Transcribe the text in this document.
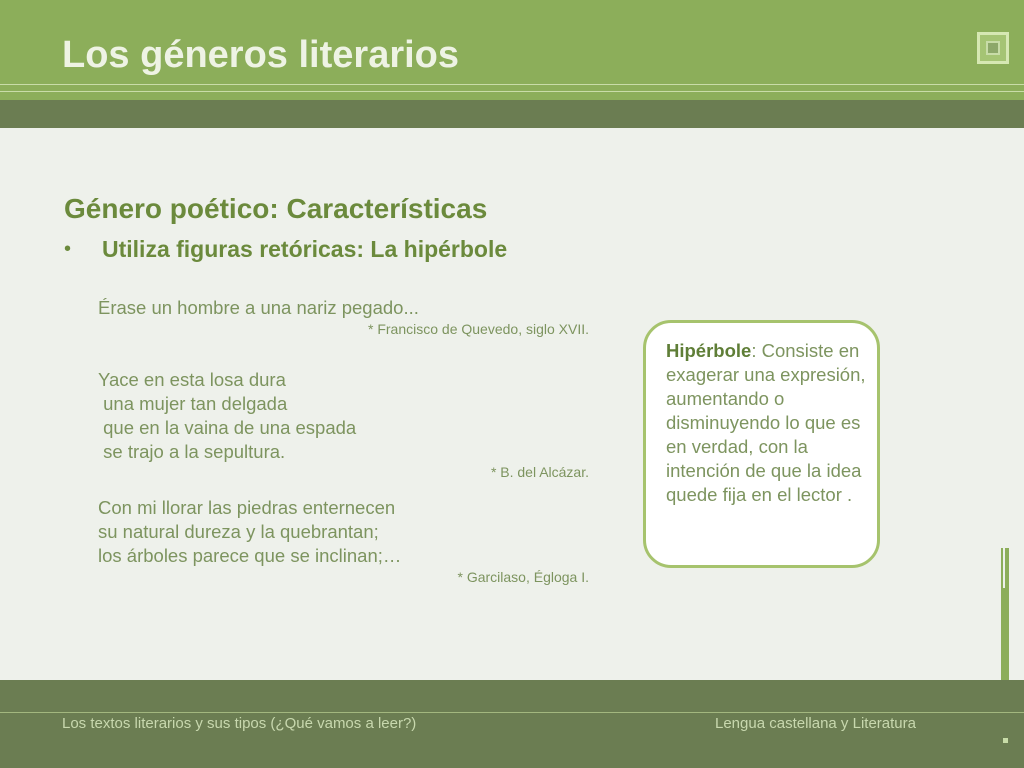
Los géneros literarios
Género poético: Características
• Utiliza figuras retóricas: La hipérbole
Érase un hombre a una nariz pegado...
* Francisco de Quevedo, siglo XVII.
Yace en esta losa dura
una mujer tan delgada
que en la vaina de una espada
se trajo a la sepultura.
* B. del Alcázar.
Con mi llorar las piedras enternecen
su natural dureza y la quebrantan;
los árboles parece que se inclinan;…
* Garcilaso, Égloga I.
Hipérbole: Consiste en exagerar una expresión, aumentando o disminuyendo lo que es en verdad, con la intención de que la idea quede fija en el lector .
Los textos literarios y sus tipos (¿Qué vamos a leer?)	Lengua castellana y Literatura
